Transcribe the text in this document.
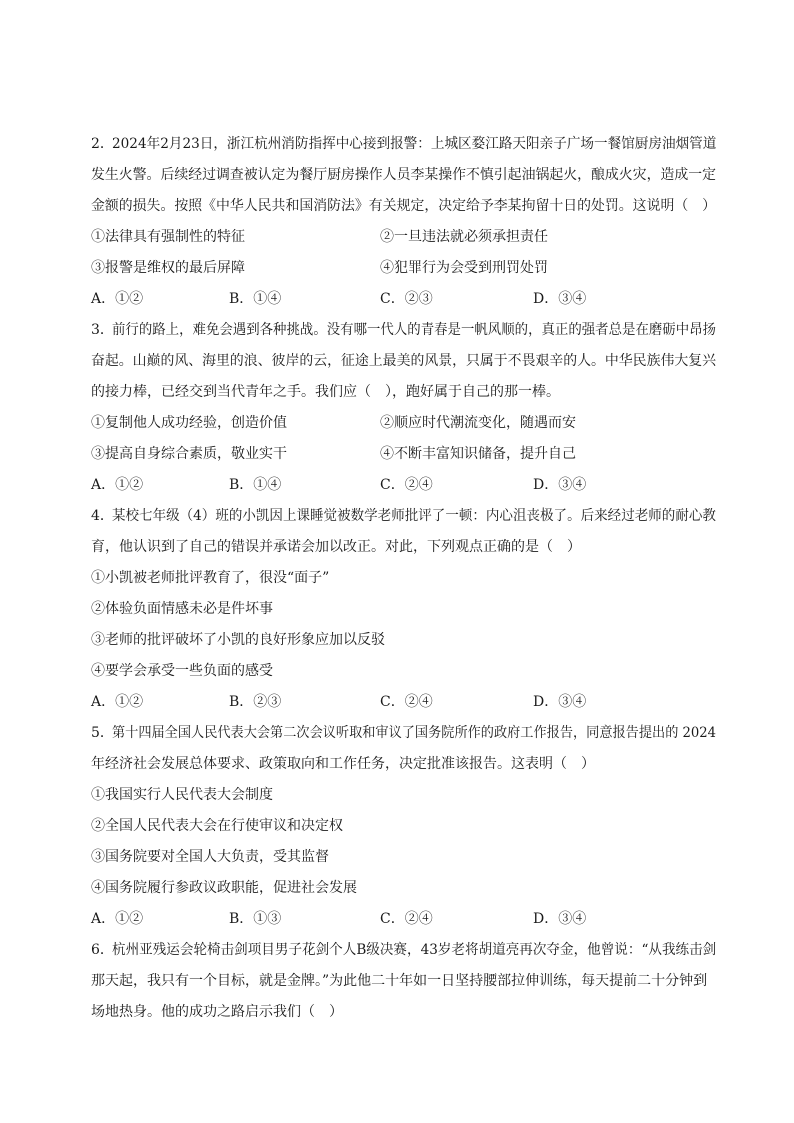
2．
2024年2月23日，浙江杭州消防指挥中心接到报警：上城区婺江路天阳亲子广场一餐馆厨房油烟管道
发生火警。后续经过调查被认定为餐厅厨房操作人员李某操作不慎引起油锅起火，酿成火灾，造成一定
金额的损失。按照《中华人民共和国消防法》有关规定，决定给予李某拘留十日的处罚。这说明（　）
①法律具有强制性的特征	②一旦违法就必须承担责任
③报警是维权的最后屏障	④犯罪行为会受到刑罚处罚
A．①②	B．①④	C．②③	D．③④
3．
前行的路上，难免会遇到各种挑战。没有哪一代人的青春是一帆风顺的，真正的强者总是在磨砺中昂扬
奋起。山巅的风、海里的浪、彼岸的云，征途上最美的风景，只属于不畏艰辛的人。中华民族伟大复兴
的接力棒，已经交到当代青年之手。我们应（　），跑好属于自己的那一棒。
①复制他人成功经验，创造价值	②顺应时代潮流变化，随遇而安
③提高自身综合素质，敬业实干	④不断丰富知识储备，提升自己
A．①②	B．①④	C．②④	D．③④
4．
某校七年级（4）班的小凯因上课睡觉被数学老师批评了一顿：内心沮丧极了。后来经过老师的耐心教
育，他认识到了自己的错误并承诺会加以改正。对此，下列观点正确的是（　）
①小凯被老师批评教育了，很没“面子”
②体验负面情感未必是件坏事
③老师的批评破坏了小凯的良好形象应加以反驳
④要学会承受一些负面的感受
A．①②	B．②③	C．②④	D．③④
5．
第十四届全国人民代表大会第二次会议听取和审议了国务院所作的政府工作报告，同意报告提出的 2024
年经济社会发展总体要求、政策取向和工作任务，决定批准该报告。这表明（　）
①我国实行人民代表大会制度
②全国人民代表大会在行使审议和决定权
③国务院要对全国人大负责，受其监督
④国务院履行参政议政职能，促进社会发展
A．①②	B．①③	C．②④	D．③④
6．
杭州亚残运会轮椅击剑项目男子花剑个人B级决赛，43岁老将胡道亮再次夺金，他曾说：“从我练击剑
那天起，我只有一个目标，就是金牌。”为此他二十年如一日坚持腰部拉伸训练，每天提前二十分钟到
场地热身。他的成功之路启示我们（　）
